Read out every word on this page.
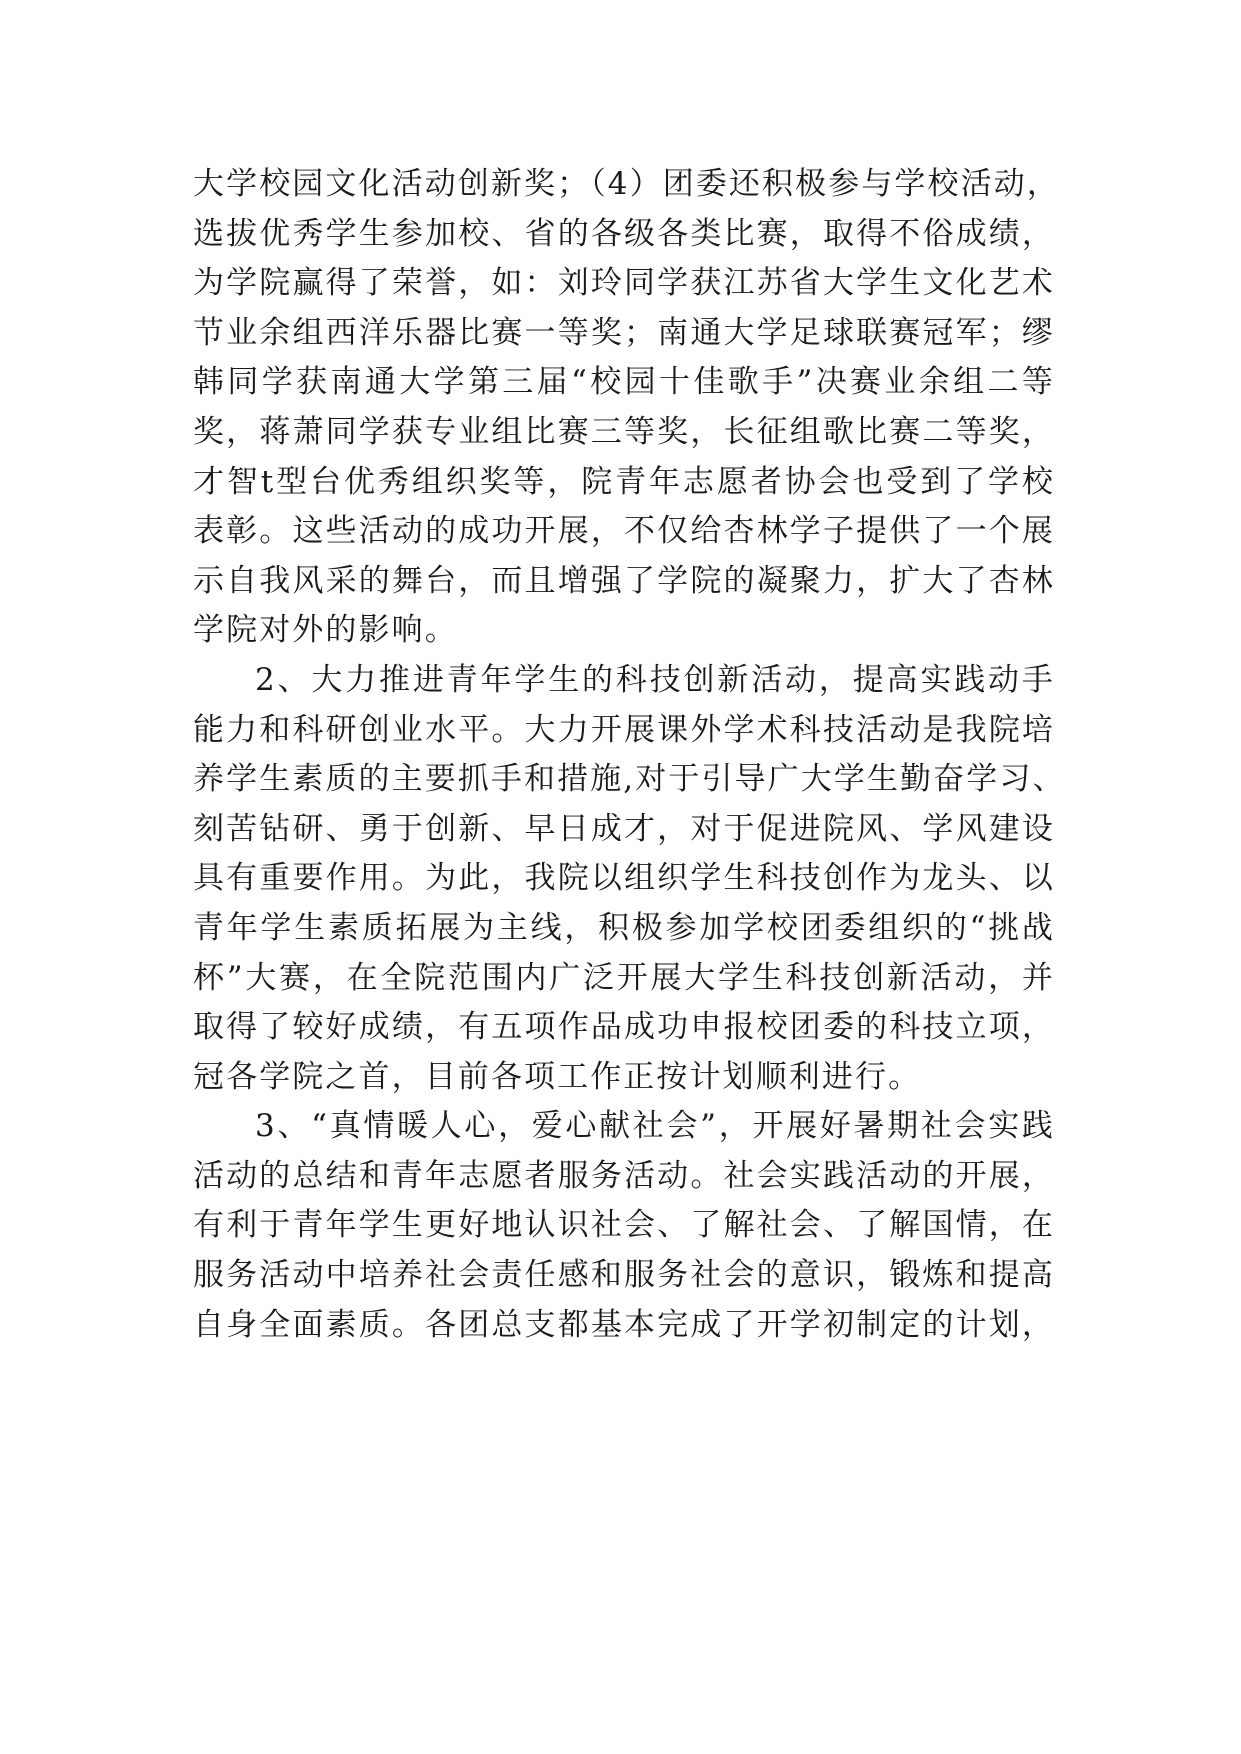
大学校园文化活动创新奖；（4）团委还积极参与学校活动，
选拔优秀学生参加校、省的各级各类比赛，取得不俗成绩，
为学院赢得了荣誉，如：刘玲同学获江苏省大学生文化艺术
节业余组西洋乐器比赛一等奖；南通大学足球联赛冠军；缪
韩同学获南通大学第三届“校园十佳歌手”决赛业余组二等
奖，蒋萧同学获专业组比赛三等奖，长征组歌比赛二等奖，
才智t型台优秀组织奖等，院青年志愿者协会也受到了学校
表彰。这些活动的成功开展，不仅给杏林学子提供了一个展
示自我风采的舞台，而且增强了学院的凝聚力，扩大了杏林
学院对外的影响。
2、大力推进青年学生的科技创新活动，提高实践动手
能力和科研创业水平。大力开展课外学术科技活动是我院培
养学生素质的主要抓手和措施,对于引导广大学生勤奋学习、
刻苦钻研、勇于创新、早日成才，对于促进院风、学风建设
具有重要作用。为此，我院以组织学生科技创作为龙头、以
青年学生素质拓展为主线，积极参加学校团委组织的“挑战
杯”大赛，在全院范围内广泛开展大学生科技创新活动，并
取得了较好成绩，有五项作品成功申报校团委的科技立项，
冠各学院之首，目前各项工作正按计划顺利进行。
3、“真情暖人心，爱心献社会”，开展好暑期社会实践
活动的总结和青年志愿者服务活动。社会实践活动的开展，
有利于青年学生更好地认识社会、了解社会、了解国情，在
服务活动中培养社会责任感和服务社会的意识，锻炼和提高
自身全面素质。各团总支都基本完成了开学初制定的计划，
